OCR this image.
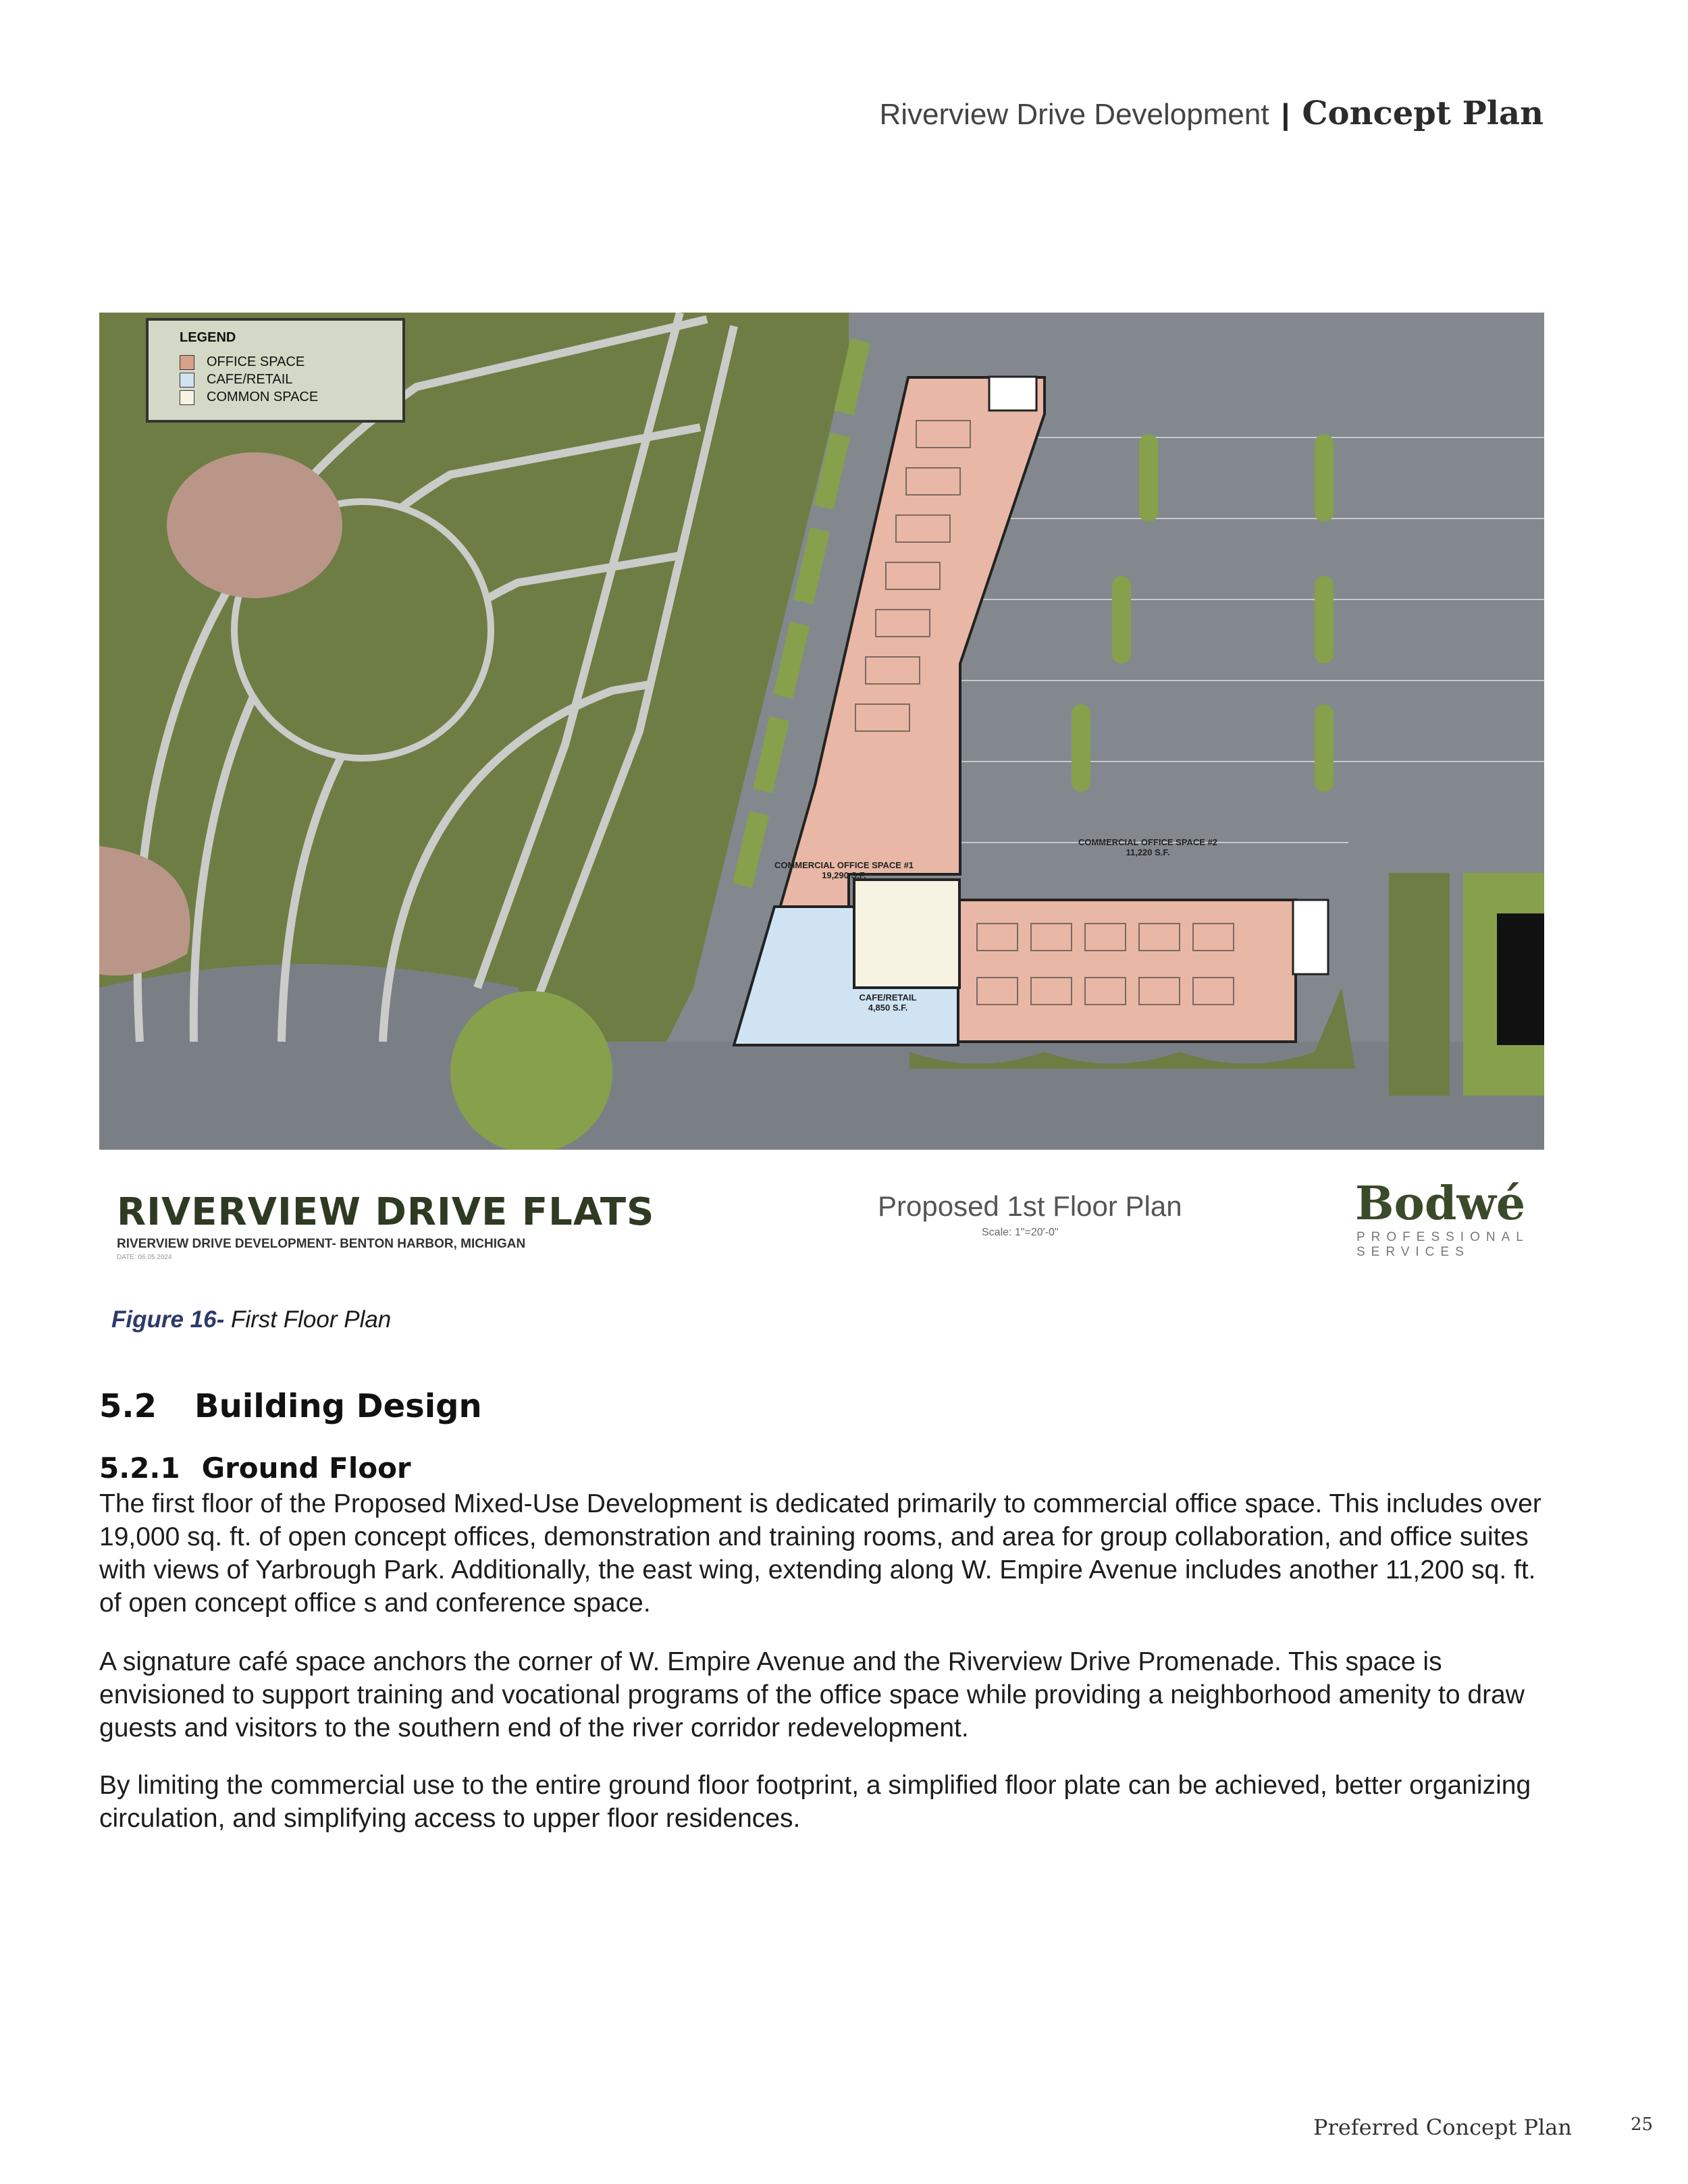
Riverview Drive Development | Concept Plan
LEGEND
OFFICE SPACE
CAFE/RETAIL
COMMON SPACE
COMMERCIAL OFFICE SPACE #1
19,290 S.F.
COMMERCIAL OFFICE SPACE #2
11,220 S.F.
CAFE/RETAIL
4,850 S.F.
RIVERVIEW DRIVE FLATS
RIVERVIEW DRIVE DEVELOPMENT- BENTON HARBOR, MICHIGAN
DATE: 06.05.2024
Proposed 1st Floor Plan
Scale: 1"=20'-0"
Bodwé
PROFESSIONAL
SERVICES
Figure 16- First Floor Plan
5.2 Building Design
5.2.1 Ground Floor

The first floor of the Proposed Mixed-Use Development is dedicated primarily to commercial office space. This includes over 19,000 sq. ft. of open concept offices, demonstration and training rooms, and area for group collaboration, and office suites with views of Yarbrough Park. Additionally, the east wing, extending along W. Empire Avenue includes another 11,200 sq. ft. of open concept office s and conference space.

A signature café space anchors the corner of W. Empire Avenue and the Riverview Drive Promenade. This space is envisioned to support training and vocational programs of the office space while providing a neighborhood amenity to draw guests and visitors to the southern end of the river corridor redevelopment.

By limiting the commercial use to the entire ground floor footprint, a simplified floor plate can be achieved, better organizing circulation, and simplifying access to upper floor residences.

Preferred Concept Plan	25
